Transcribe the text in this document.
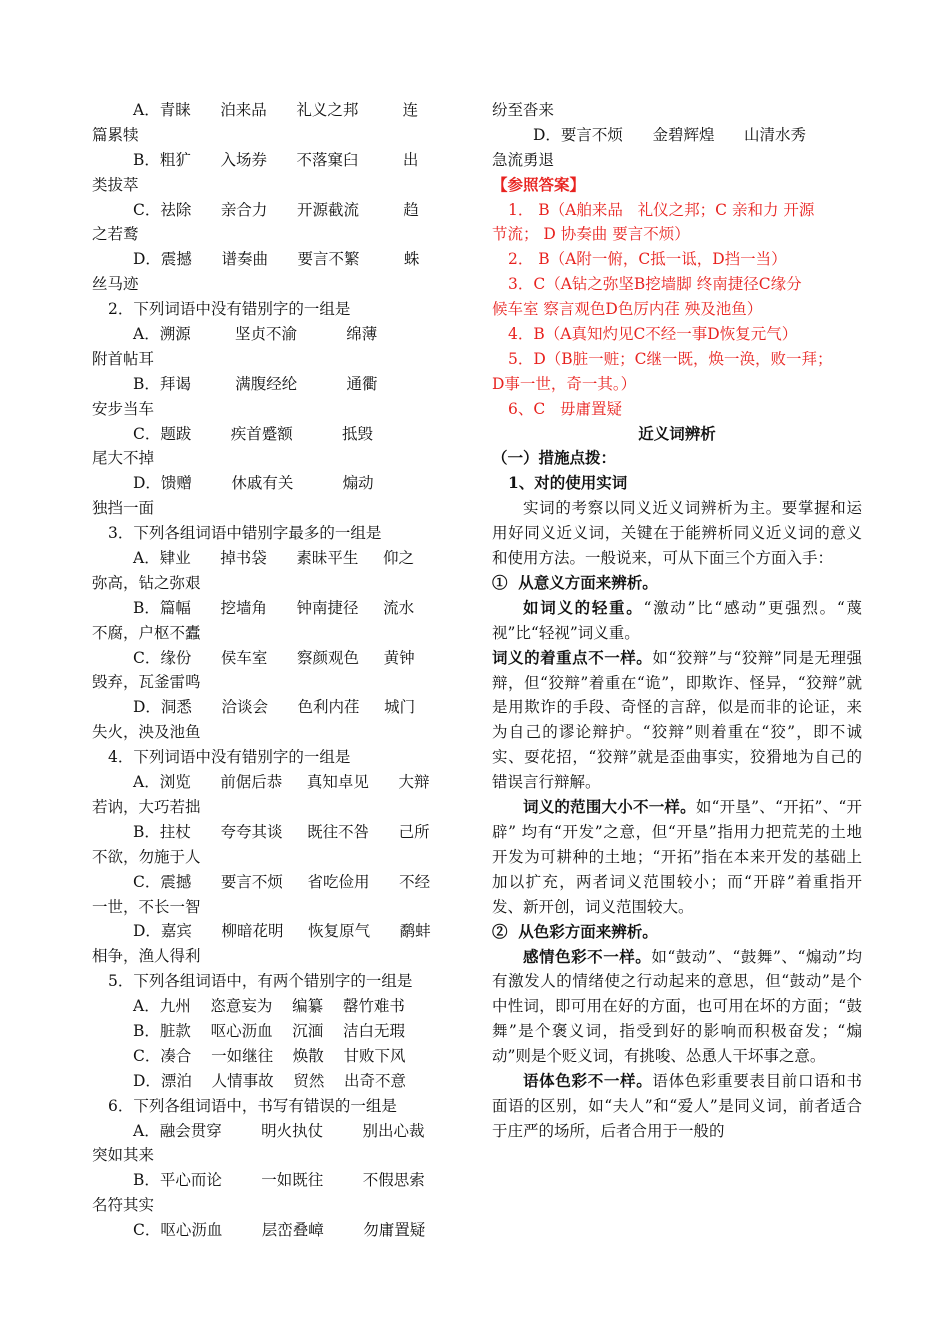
A．青睐      泊来品      礼义之邦         连
篇累犊
B．粗犷      入场券      不落窠臼         出
类拔萃
C．祛除      亲合力      开源截流         趋
之若鹜
D．震撼      谱奏曲      要言不繁         蛛
丝马迹
2．下列词语中没有错别字的一组是
A．溯源         坚贞不渝          绵薄
附首帖耳
B．拜谒         满腹经纶          通衢
安步当车
C．题跋        疾首蹙额          抵毁
尾大不掉
D．馈赠        休戚有关          煽动
独挡一面
3．下列各组词语中错别字最多的一组是
A．肄业      掉书袋      素昧平生     仰之
弥高，钻之弥艰
B．篇幅      挖墙角      钟南捷径     流水
不腐，户枢不蠹
C．缘份      侯车室      察颜观色     黄钟
毁弃，瓦釜雷鸣
D．洞悉      洽谈会      色利内荏     城门
失火，泱及池鱼
4．下列词语中没有错别字的一组是
A．浏览      前倨后恭     真知卓见      大辩
若讷，大巧若拙
B．拄杖      夸夸其谈     既往不咎      己所
不欲，勿施于人
C．震撼      要言不烦     省吃俭用      不经
一世，不长一智
D．嘉宾      柳暗花明     恢复原气      鹬蚌
相争，渔人得利
5．下列各组词语中，有两个错别字的一组是
A．九州    恣意妄为    编纂    罄竹难书
B．脏款    呕心沥血    沉湎    洁白无瑕
C．凑合    一如继往    焕散    甘败下风
D．漂泊    人情事故    贸然    出奇不意
6．下列各组词语中，书写有错误的一组是
A．融会贯穿        明火执仗        别出心裁
突如其来
B．平心而论        一如既往        不假思索
名符其实
C．呕心沥血        层峦叠嶂        勿庸置疑
纷至沓来
D．要言不烦      金碧辉煌      山清水秀
急流勇退
【参照答案】
1． B（A舶来品   礼仪之邦；C 亲和力 开源
节流； D 协奏曲 要言不烦）
2． B（A附一俯，C抵一诋，D挡一当）
3．C（A钻之弥坚B挖墙脚 终南捷径C缘分
候车室 察言观色D色厉内荏 殃及池鱼）
4．B（A真知灼见C不经一事D恢复元气）
5．D（B脏一赃；C继一既，焕一涣，败一拜；
D事一世，奇一其。）
6、C   毋庸置疑
近义词辨析
（一）措施点拨：
1、对的使用实词

实词的考察以同义近义词辨析为主。要掌握和运用好同义近义词，关键在于能辨析同义近义词的意义和使用方法。一般说来，可从下面三个方面入手：

①  从意义方面来辨析。

如词义的轻重。“激动”比“感动”更强烈。“蔑视”比“轻视”词义重。

词义的着重点不一样。如“狡辩”与“狡辩”同是无理强辩，但“狡辩”着重在“诡”，即欺诈、怪异，“狡辩”就是用欺诈的手段、奇怪的言辞，似是而非的论证，来为自己的谬论辩护。“狡辩”则着重在“狡”，即不诚实、耍花招，“狡辩”就是歪曲事实，狡猾地为自己的错误言行辩解。

词义的范围大小不一样。如“开垦”、“开拓”、“开辟” 均有“开发”之意，但“开垦”指用力把荒芜的土地开发为可耕种的土地；“开拓”指在本来开发的基础上加以扩充，两者词义范围较小；而“开辟”着重指开发、新开创，词义范围较大。

②  从色彩方面来辨析。

感情色彩不一样。如“鼓动”、“鼓舞”、“煽动”均有激发人的情绪使之行动起来的意思，但“鼓动”是个中性词，即可用在好的方面，也可用在坏的方面；“鼓舞”是个褒义词，指受到好的影响而积极奋发；“煽动”则是个贬义词，有挑唆、怂恿人干坏事之意。

语体色彩不一样。语体色彩重要表目前口语和书面语的区别，如“夫人”和“爱人”是同义词，前者适合于庄严的场所，后者合用于一般的
